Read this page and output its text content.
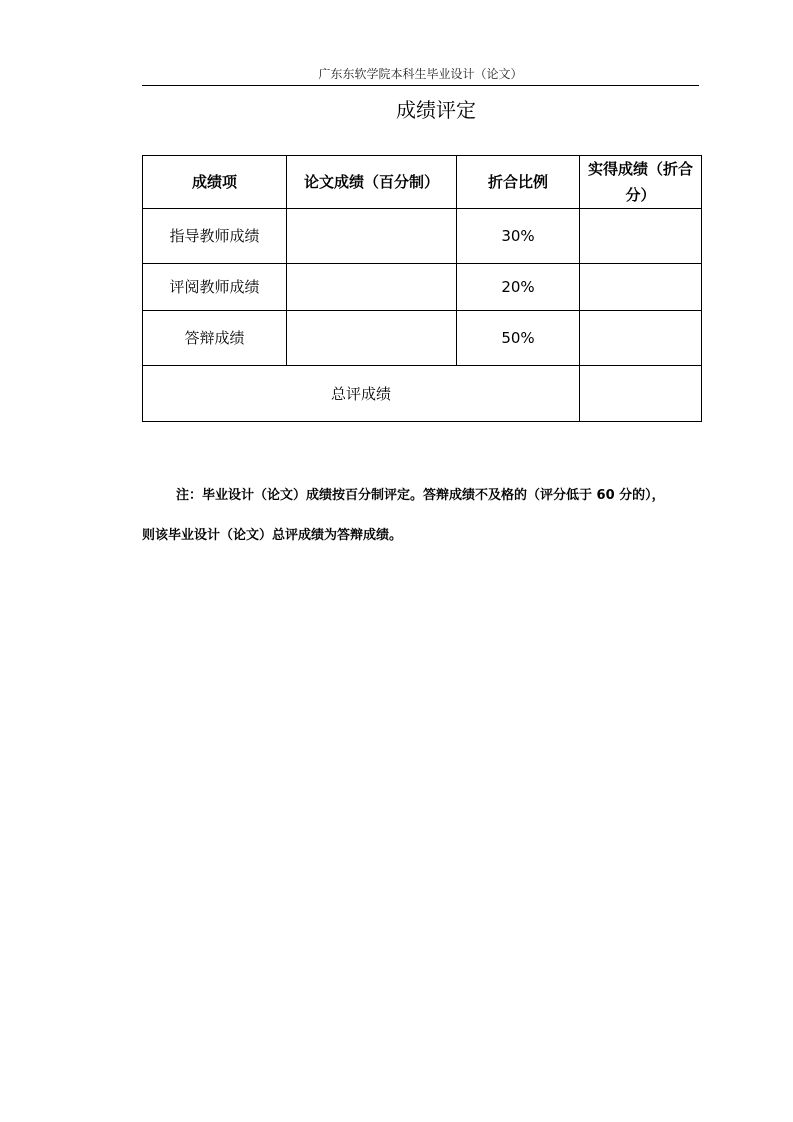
广东东软学院本科生毕业设计（论文）
成绩评定
成绩项	论文成绩（百分制）	折合比例	实得成绩（折合分）
指导教师成绩		30%	
评阅教师成绩		20%	
答辩成绩		50%	
总评成绩			

注：毕业设计（论文）成绩按百分制评定。答辩成绩不及格的（评分低于 60 分的），

则该毕业设计（论文）总评成绩为答辩成绩。
